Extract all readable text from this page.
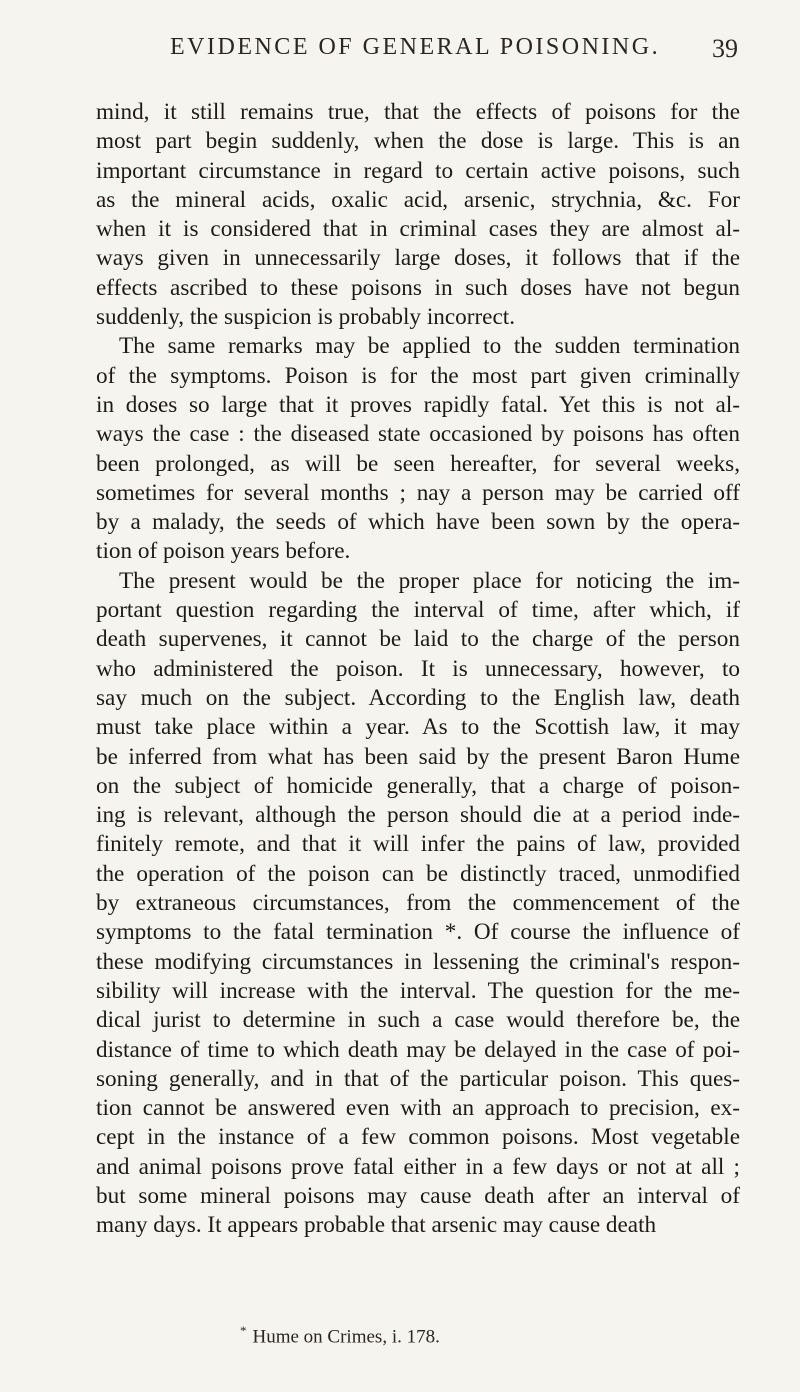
EVIDENCE OF GENERAL POISONING. 39
mind, it still remains true, that the effects of poisons for the
most part begin suddenly, when the dose is large. This is an
important circumstance in regard to certain active poisons, such
as the mineral acids, oxalic acid, arsenic, strychnia, &c. For
when it is considered that in criminal cases they are almost al-
ways given in unnecessarily large doses, it follows that if the
effects ascribed to these poisons in such doses have not begun
suddenly, the suspicion is probably incorrect.
The same remarks may be applied to the sudden termination
of the symptoms. Poison is for the most part given criminally
in doses so large that it proves rapidly fatal. Yet this is not al-
ways the case : the diseased state occasioned by poisons has often
been prolonged, as will be seen hereafter, for several weeks,
sometimes for several months ; nay a person may be carried off
by a malady, the seeds of which have been sown by the opera-
tion of poison years before.
The present would be the proper place for noticing the im-
portant question regarding the interval of time, after which, if
death supervenes, it cannot be laid to the charge of the person
who administered the poison. It is unnecessary, however, to
say much on the subject. According to the English law, death
must take place within a year. As to the Scottish law, it may
be inferred from what has been said by the present Baron Hume
on the subject of homicide generally, that a charge of poison-
ing is relevant, although the person should die at a period inde-
finitely remote, and that it will infer the pains of law, provided
the operation of the poison can be distinctly traced, unmodified
by extraneous circumstances, from the commencement of the
symptoms to the fatal termination *. Of course the influence of
these modifying circumstances in lessening the criminal's respon-
sibility will increase with the interval. The question for the me-
dical jurist to determine in such a case would therefore be, the
distance of time to which death may be delayed in the case of poi-
soning generally, and in that of the particular poison. This ques-
tion cannot be answered even with an approach to precision, ex-
cept in the instance of a few common poisons. Most vegetable
and animal poisons prove fatal either in a few days or not at all ;
but some mineral poisons may cause death after an interval of
many days. It appears probable that arsenic may cause death
* Hume on Crimes, i. 178.
